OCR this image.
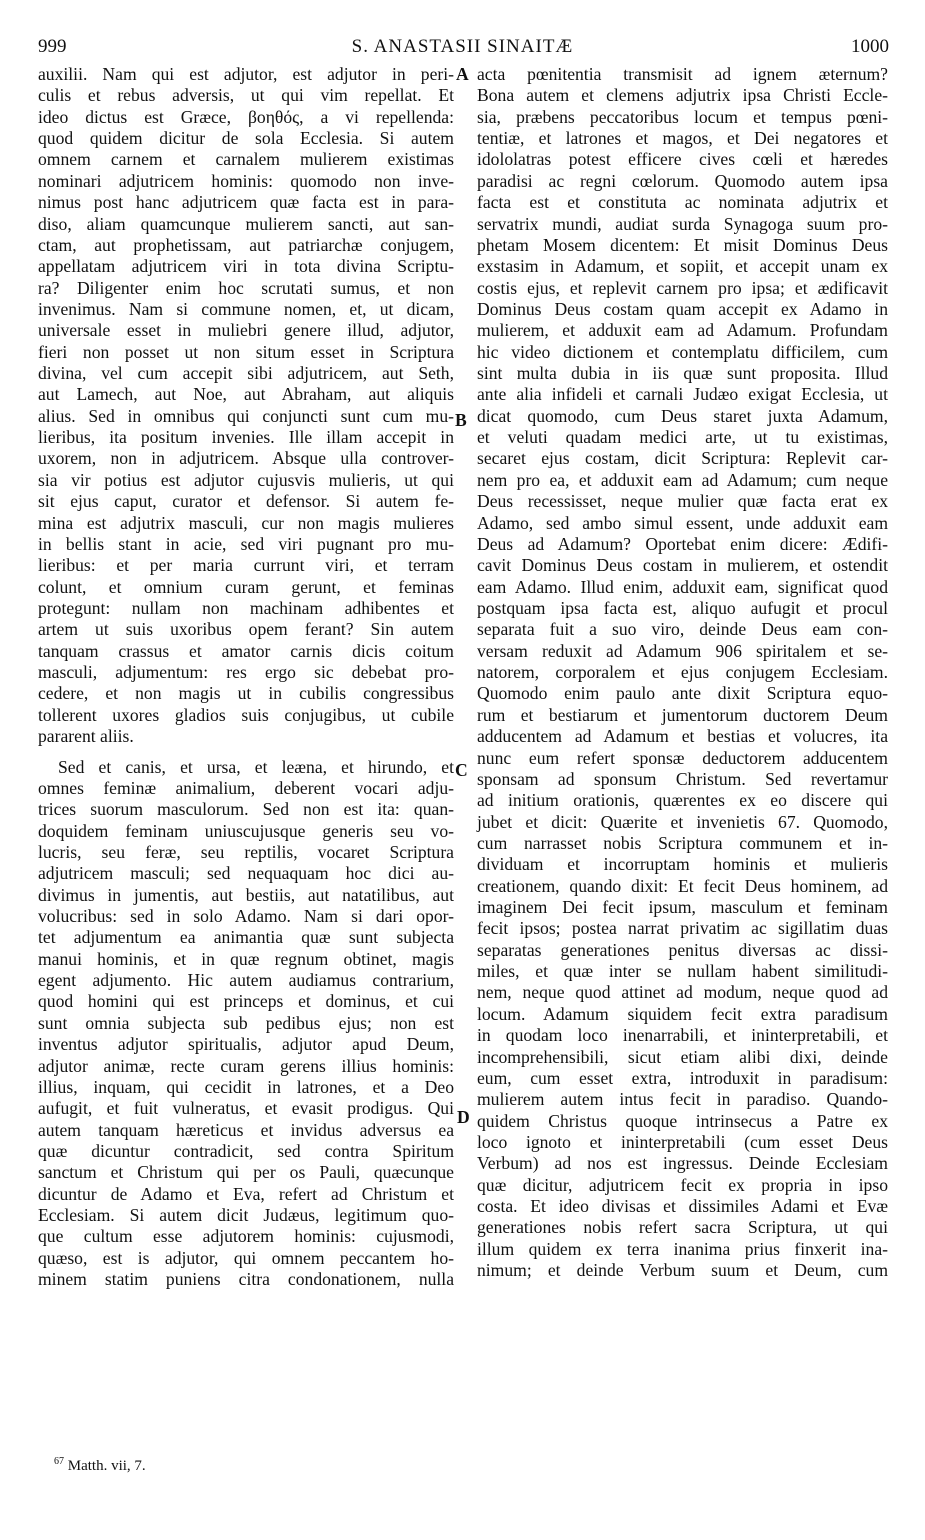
999	S. ANASTASII SINAITÆ	1000
auxilii. Nam qui est adjutor, est adjutor in peri-
culis et rebus adversis, ut qui vim repellat. Et
ideo dictus est Græce, βοηθός, a vi repellenda:
quod quidem dicitur de sola Ecclesia. Si autem
omnem carnem et carnalem mulierem existimas
nominari adjutricem hominis: quomodo non inve-
nimus post hanc adjutricem quæ facta est in para-
diso, aliam quamcunque mulierem sancti, aut san-
ctam, aut prophetissam, aut patriarchæ conjugem,
appellatam adjutricem viri in tota divina Scriptu-
ra? Diligenter enim hoc scrutati sumus, et non
invenimus. Nam si commune nomen, et, ut dicam,
universale esset in muliebri genere illud, adjutor,
fieri non posset ut non situm esset in Scriptura
divina, vel cum accepit sibi adjutricem, aut Seth,
aut Lamech, aut Noe, aut Abraham, aut aliquis
alius. Sed in omnibus qui conjuncti sunt cum mu-
lieribus, ita positum invenies. Ille illam accepit in
uxorem, non in adjutricem. Absque ulla controver-
sia vir potius est adjutor cujusvis mulieris, ut qui
sit ejus caput, curator et defensor. Si autem fe-
mina est adjutrix masculi, cur non magis mulieres
in bellis stant in acie, sed viri pugnant pro mu-
lieribus: et per maria currunt viri, et terram
colunt, et omnium curam gerunt, et feminas
protegunt: nullam non machinam adhibentes et
artem ut suis uxoribus opem ferant? Sin autem
tanquam crassus et amator carnis dicis coitum
masculi, adjumentum: res ergo sic debebat pro-
cedere, et non magis ut in cubilis congressibus
tollerent uxores gladios suis conjugibus, ut cubile
pararent aliis.
Sed et canis, et ursa, et leæna, et hirundo, et
omnes feminæ animalium, deberent vocari adju-
trices suorum masculorum. Sed non est ita: quan-
doquidem feminam uniuscujusque generis seu vo-
lucris, seu feræ, seu reptilis, vocaret Scriptura
adjutricem masculi; sed nequaquam hoc dici au-
divimus in jumentis, aut bestiis, aut natatilibus, aut
volucribus: sed in solo Adamo. Nam si dari opor-
tet adjumentum ea animantia quæ sunt subjecta
manui hominis, et in quæ regnum obtinet, magis
egent adjumento. Hic autem audiamus contrarium,
quod homini qui est princeps et dominus, et cui
sunt omnia subjecta sub pedibus ejus; non est
inventus adjutor spiritualis, adjutor apud Deum,
adjutor animæ, recte curam gerens illius hominis:
illius, inquam, qui cecidit in latrones, et a Deo
aufugit, et fuit vulneratus, et evasit prodigus. Qui
autem tanquam hæreticus et invidus adversus ea
quæ dicuntur contradicit, sed contra Spiritum
sanctum et Christum qui per os Pauli, quæcunque
dicuntur de Adamo et Eva, refert ad Christum et
Ecclesiam. Si autem dicit Judæus, legitimum quo-
que cultum esse adjutorem hominis: cujusmodi,
quæso, est is adjutor, qui omnem peccantem ho-
minem statim puniens citra condonationem, nulla
acta pœnitentia transmisit ad ignem æternum?
Bona autem et clemens adjutrix ipsa Christi Eccle-
sia, præbens peccatoribus locum et tempus pœni-
tentiæ, et latrones et magos, et Dei negatores et
idololatras potest efficere cives cœli et hæredes
paradisi ac regni cœlorum. Quomodo autem ipsa
facta est et constituta ac nominata adjutrix et
servatrix mundi, audiat surda Synagoga suum pro-
phetam Mosem dicentem: Et misit Dominus Deus
exstasim in Adamum, et sopiit, et accepit unam ex
costis ejus, et replevit carnem pro ipsa; et ædificavit
Dominus Deus costam quam accepit ex Adamo in
mulierem, et adduxit eam ad Adamum. Profundam
hic video dictionem et contemplatu difficilem, cum
sint multa dubia in iis quæ sunt proposita. Illud
ante alia infideli et carnali Judæo exigat Ecclesia, ut
dicat quomodo, cum Deus staret juxta Adamum,
et veluti quadam medici arte, ut tu existimas,
secaret ejus costam, dicit Scriptura: Replevit car-
nem pro ea, et adduxit eam ad Adamum; cum neque
Deus recessisset, neque mulier quæ facta erat ex
Adamo, sed ambo simul essent, unde adduxit eam
Deus ad Adamum? Oportebat enim dicere: Ædifi-
cavit Dominus Deus costam in mulierem, et ostendit
eam Adamo. Illud enim, adduxit eam, significat quod
postquam ipsa facta est, aliquo aufugit et procul
separata fuit a suo viro, deinde Deus eam con-
versam reduxit ad Adamum 906 spiritalem et se-
natorem, corporalem et ejus conjugem Ecclesiam.
Quomodo enim paulo ante dixit Scriptura equo-
rum et bestiarum et jumentorum ductorem Deum
adducentem ad Adamum et bestias et volucres, ita
nunc eum refert sponsæ deductorem adducentem
sponsam ad sponsum Christum. Sed revertamur
ad initium orationis, quærentes ex eo discere qui
jubet et dicit: Quærite et invenietis 67. Quomodo,
cum narrasset nobis Scriptura communem et in-
dividuam et incorruptam hominis et mulieris
creationem, quando dixit: Et fecit Deus hominem, ad
imaginem Dei fecit ipsum, masculum et feminam
fecit ipsos; postea narrat privatim ac sigillatim duas
separatas generationes penitus diversas ac dissi-
miles, et quæ inter se nullam habent similitudi-
nem, neque quod attinet ad modum, neque quod ad
locum. Adamum siquidem fecit extra paradisum
in quodam loco inenarrabili, et ininterpretabili, et
incomprehensibili, sicut etiam alibi dixi, deinde
eum, cum esset extra, introduxit in paradisum:
mulierem autem intus fecit in paradiso. Quando-
quidem Christus quoque intrinsecus a Patre ex
loco ignoto et ininterpretabili (cum esset Deus
Verbum) ad nos est ingressus. Deinde Ecclesiam
quæ dicitur, adjutricem fecit ex propria in ipso
costa. Et ideo divisas et dissimiles Adami et Evæ
generationes nobis refert sacra Scriptura, ut qui
illum quidem ex terra inanima prius finxerit ina-
nimum; et deinde Verbum suum et Deum, cum
A
B
C
D
$^{67}$ Matth. vii, 7.
